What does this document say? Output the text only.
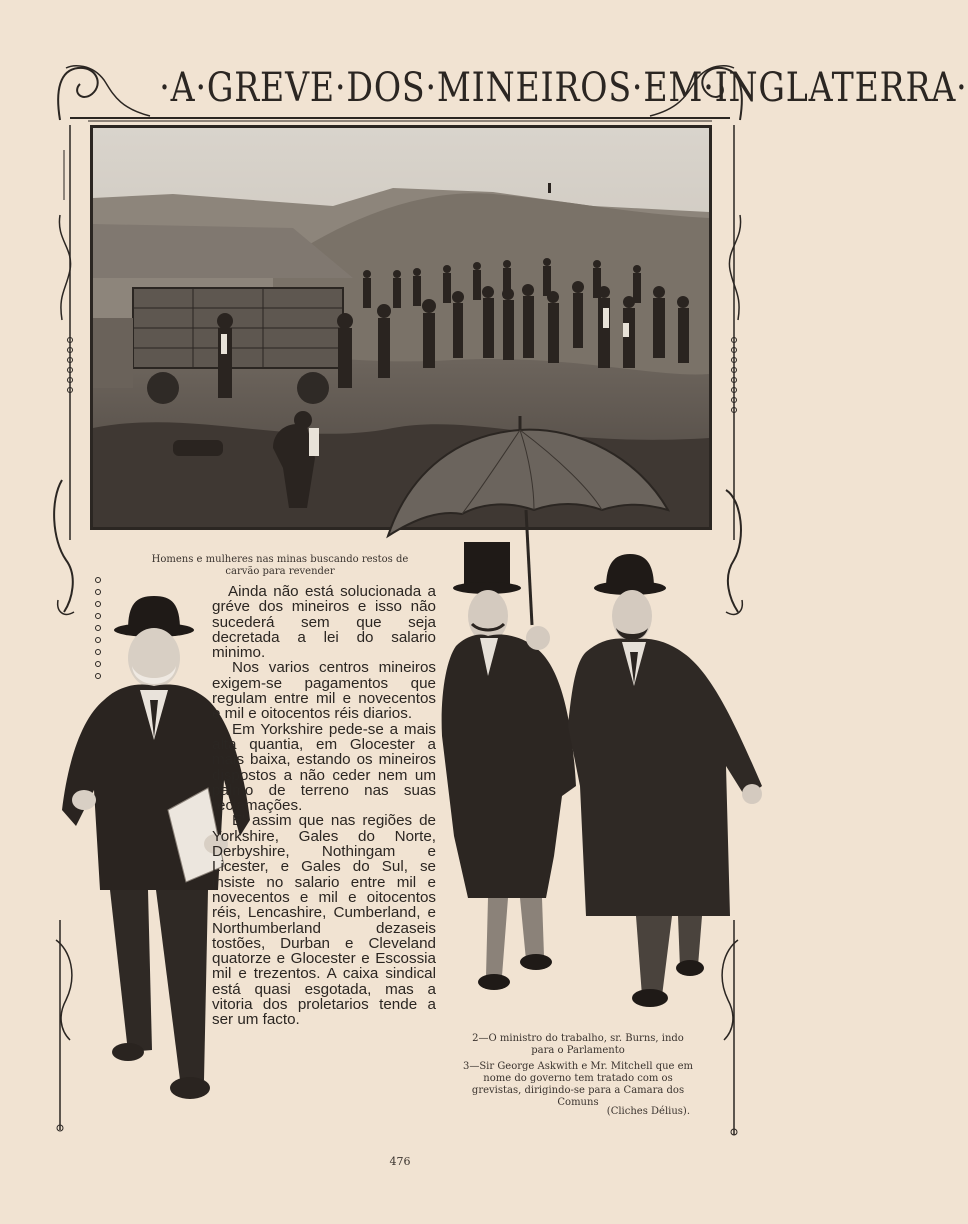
·A·GREVE·DOS·MINEIROS·EM·INGLATERRA·
Homens e mulheres nas minas buscando restos de carvão para revender

Ainda não está solucionada a gréve dos mineiros e isso não sucederá sem que seja decretada a lei do salario minimo.

Nos varios centros mineiros exigem-se pagamentos que regulam entre mil e novecentos e mil e oitocentos réis diarios.

Em Yorkshire pede-se a mais alta quantia, em Glocester a mais baixa, estando os mineiros dispostos a não ceder nem um palmo de terreno nas suas reclamações.

E' assim que nas regiões de Yorkshire, Gales do Norte, Derbyshire, Nothingam e Licester, e Gales do Sul, se insiste no salario entre mil e novecentos e mil e oitocentos réis, Lencashire, Cumberland, e Northumberland dezaseis tostões, Durban e Cleveland quatorze e Glocester e Escossia mil e trezentos. A caixa sindical está quasi esgotada, mas a vitoria dos proletarios tende a ser um facto.

2—O ministro do trabalho, sr. Burns, indo para o Parlamento

3—Sir George Askwith e Mr. Mitchell que em nome do governo tem tratado com os grevistas, dirigindo-se para a Camara dos Comuns

(Cliches Délius).
476
